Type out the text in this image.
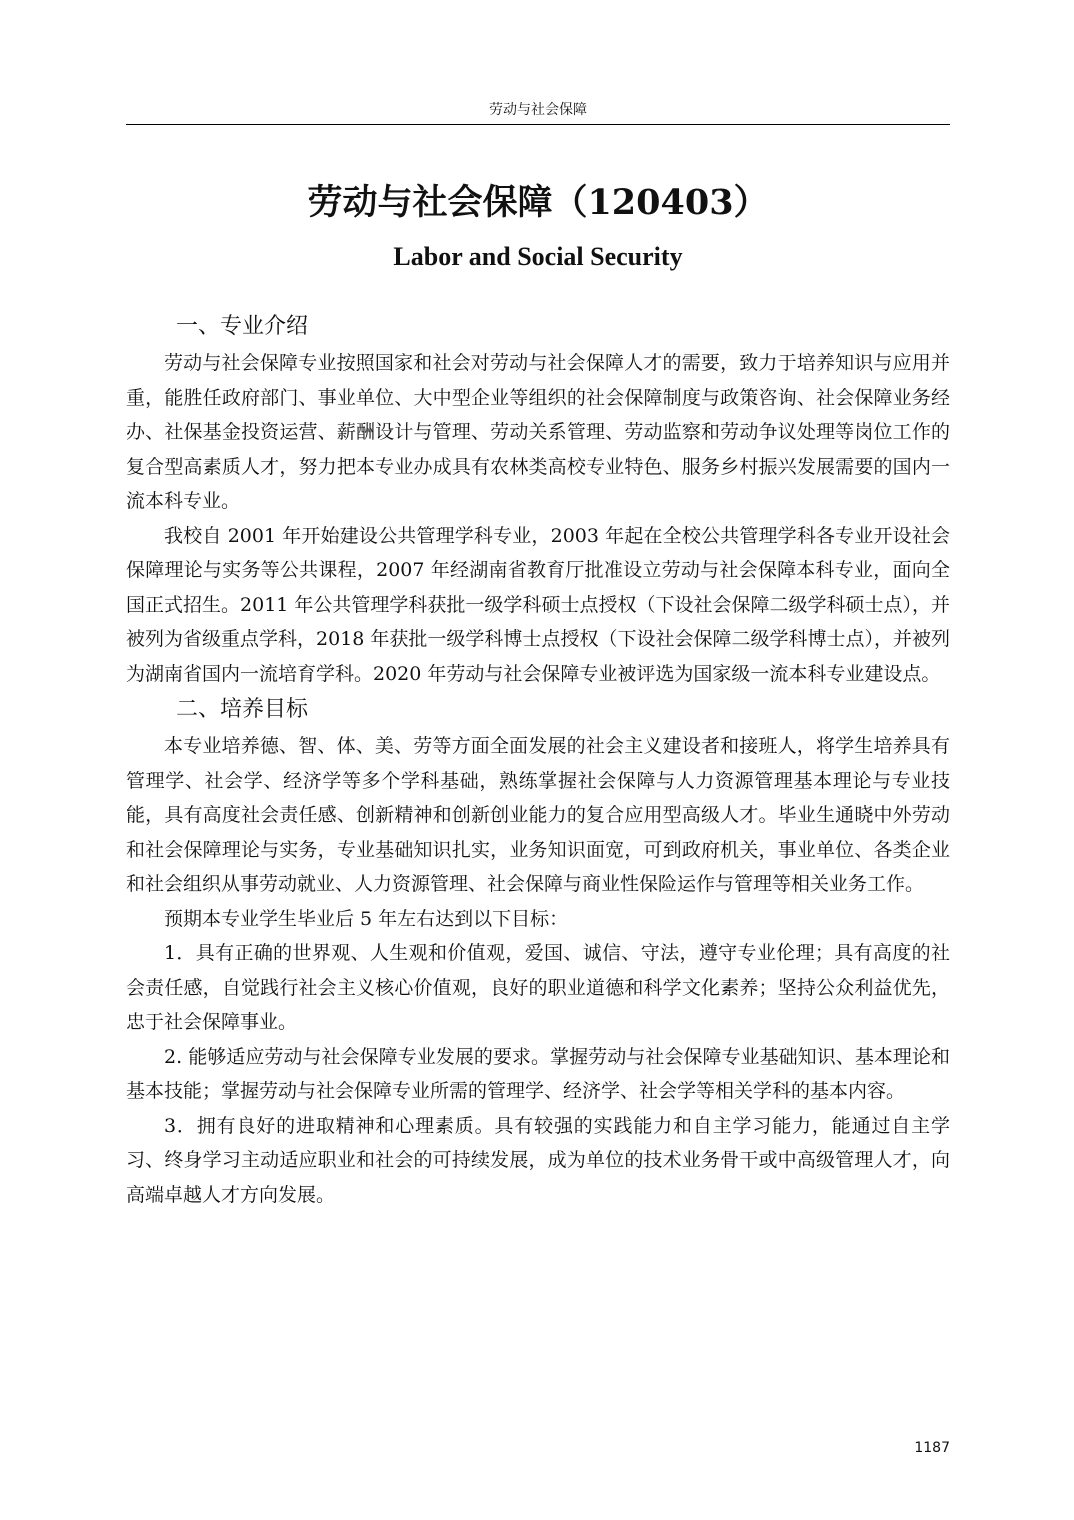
劳动与社会保障
劳动与社会保障（120403）
Labor and Social Security
一、专业介绍

劳动与社会保障专业按照国家和社会对劳动与社会保障人才的需要，致力于培养知识与应用并重，能胜任政府部门、事业单位、大中型企业等组织的社会保障制度与政策咨询、社会保障业务经办、社保基金投资运营、薪酬设计与管理、劳动关系管理、劳动监察和劳动争议处理等岗位工作的复合型高素质人才，努力把本专业办成具有农林类高校专业特色、服务乡村振兴发展需要的国内一流本科专业。

我校自 2001 年开始建设公共管理学科专业，2003 年起在全校公共管理学科各专业开设社会保障理论与实务等公共课程，2007 年经湖南省教育厅批准设立劳动与社会保障本科专业，面向全国正式招生。2011 年公共管理学科获批一级学科硕士点授权（下设社会保障二级学科硕士点），并被列为省级重点学科，2018 年获批一级学科博士点授权（下设社会保障二级学科博士点），并被列为湖南省国内一流培育学科。2020 年劳动与社会保障专业被评选为国家级一流本科专业建设点。

二、培养目标

本专业培养德、智、体、美、劳等方面全面发展的社会主义建设者和接班人，将学生培养具有管理学、社会学、经济学等多个学科基础，熟练掌握社会保障与人力资源管理基本理论与专业技能，具有高度社会责任感、创新精神和创新创业能力的复合应用型高级人才。毕业生通晓中外劳动和社会保障理论与实务，专业基础知识扎实，业务知识面宽，可到政府机关，事业单位、各类企业和社会组织从事劳动就业、人力资源管理、社会保障与商业性保险运作与管理等相关业务工作。

预期本专业学生毕业后 5 年左右达到以下目标：

1．具有正确的世界观、人生观和价值观，爱国、诚信、守法，遵守专业伦理；具有高度的社会责任感，自觉践行社会主义核心价值观，良好的职业道德和科学文化素养；坚持公众利益优先，忠于社会保障事业。

2. 能够适应劳动与社会保障专业发展的要求。掌握劳动与社会保障专业基础知识、基本理论和基本技能；掌握劳动与社会保障专业所需的管理学、经济学、社会学等相关学科的基本内容。

3．拥有良好的进取精神和心理素质。具有较强的实践能力和自主学习能力，能通过自主学习、终身学习主动适应职业和社会的可持续发展，成为单位的技术业务骨干或中高级管理人才，向高端卓越人才方向发展。

1187
